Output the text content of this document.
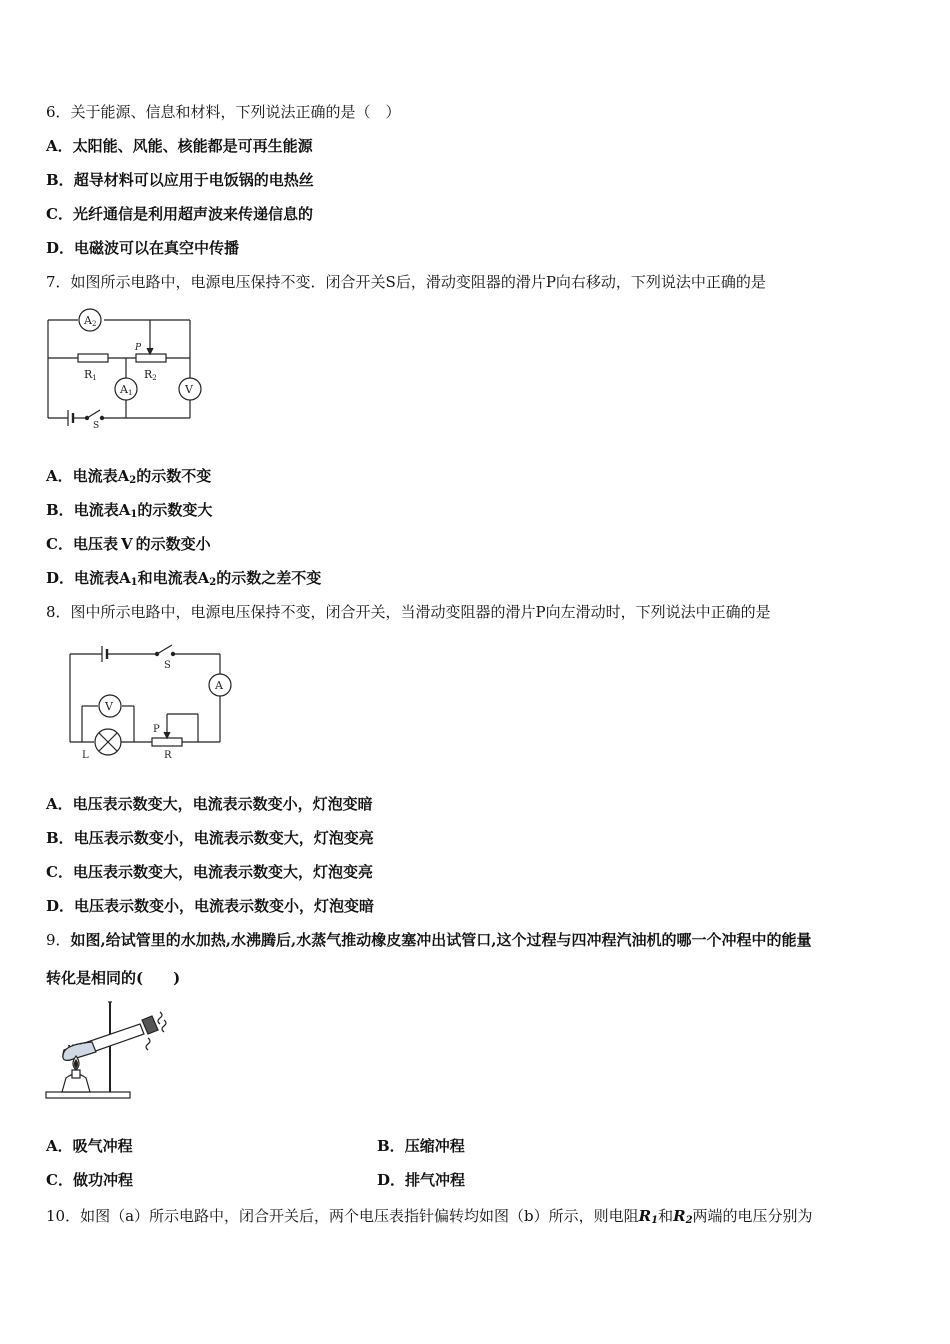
6．关于能源、信息和材料，下列说法正确的是（　）
A．太阳能、风能、核能都是可再生能源
B．超导材料可以应用于电饭锅的电热丝
C．光纤通信是利用超声波来传递信息的
D．电磁波可以在真空中传播
7．如图所示电路中，电源电压保持不变．闭合开关S后，滑动变阻器的滑片P向右移动，下列说法中正确的是
A2
A1
R1	R2
P
V
S
A．电流表$A_2$的示数不变
B．电流表$A_1$的示数变大
C．电压表 V 的示数变小
D．电流表$A_1$和电流表$A_2$的示数之差不变
8．图中所示电路中，电源电压保持不变，闭合开关，当滑动变阻器的滑片P向左滑动时，下列说法中正确的是
S
A
V
P
L	R
A．电压表示数变大，电流表示数变小，灯泡变暗
B．电压表示数变小，电流表示数变大，灯泡变亮
C．电压表示数变大，电流表示数变大，灯泡变亮
D．电压表示数变小，电流表示数变小，灯泡变暗
9．如图,给试管里的水加热,水沸腾后,水蒸气推动橡皮塞冲出试管口,这个过程与四冲程汽油机的哪一个冲程中的能量
转化是相同的(　　)
A．吸气冲程	B．压缩冲程
C．做功冲程	D．排气冲程
10．如图（a）所示电路中，闭合开关后，两个电压表指针偏转均如图（b）所示，则电阻$R_1$和$R_2$两端的电压分别为
